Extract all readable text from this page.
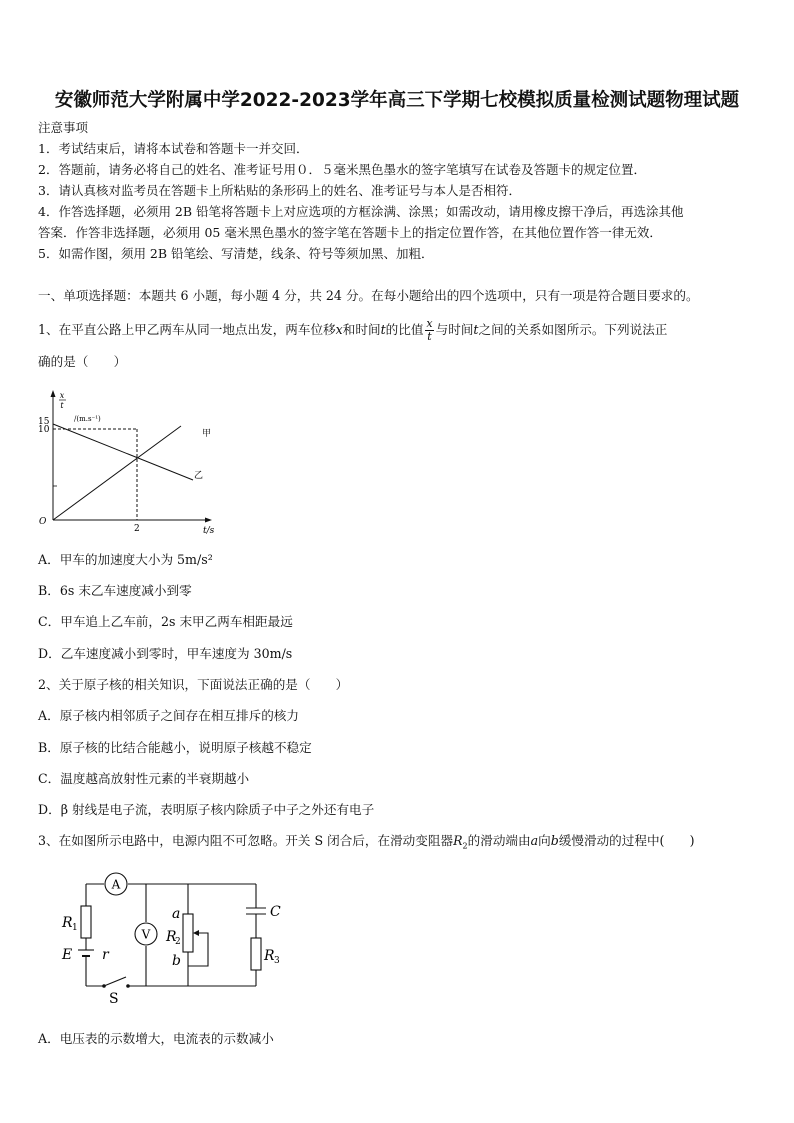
安徽师范大学附属中学2022-2023学年高三下学期七校模拟质量检测试题物理试题
注意事项
1．考试结束后，请将本试卷和答题卡一并交回．
2．答题前，请务必将自己的姓名、准考证号用０．５毫米黑色墨水的签字笔填写在试卷及答题卡的规定位置．
3．请认真核对监考员在答题卡上所粘贴的条形码上的姓名、准考证号与本人是否相符．
4．作答选择题，必须用 2B 铅笔将答题卡上对应选项的方框涂满、涂黑；如需改动，请用橡皮擦干净后，再选涂其他
答案．作答非选择题，必须用 05 毫米黑色墨水的签字笔在答题卡上的指定位置作答，在其他位置作答一律无效．
5．如需作图，须用 2B 铅笔绘、写清楚，线条、符号等须加黑、加粗．
一、单项选择题：本题共 6 小题，每小题 4 分，共 24 分。在每小题给出的四个选项中，只有一项是符合题目要求的。
1、在平直公路上甲乙两车从同一地点出发，两车位移x和时间t的比值 $\frac{x}{t}$ 与时间t之间的关系如图所示。下列说法正
确的是（　　）
x
t
/(m.s⁻¹)
15
10
2
O
t/s
甲
乙
A．甲车的加速度大小为 5m/s²
B．6s 末乙车速度减小到零
C．甲车追上乙车前，2s 末甲乙两车相距最远
D．乙车速度减小到零时，甲车速度为 30m/s
2、关于原子核的相关知识，下面说法正确的是（　　）
A．原子核内相邻质子之间存在相互排斥的核力
B．原子核的比结合能越小，说明原子核越不稳定
C．温度越高放射性元素的半衰期越小
D．β 射线是电子流，表明原子核内除质子中子之外还有电子
3、在如图所示电路中，电源内阻不可忽略。开关 S 闭合后，在滑动变阻器$R_2$的滑动端由a向b缓慢滑动的过程中(　　)
A
V
R 1
E r
S
a
R
2
b
C
R 3
A．电压表的示数增大，电流表的示数减小
